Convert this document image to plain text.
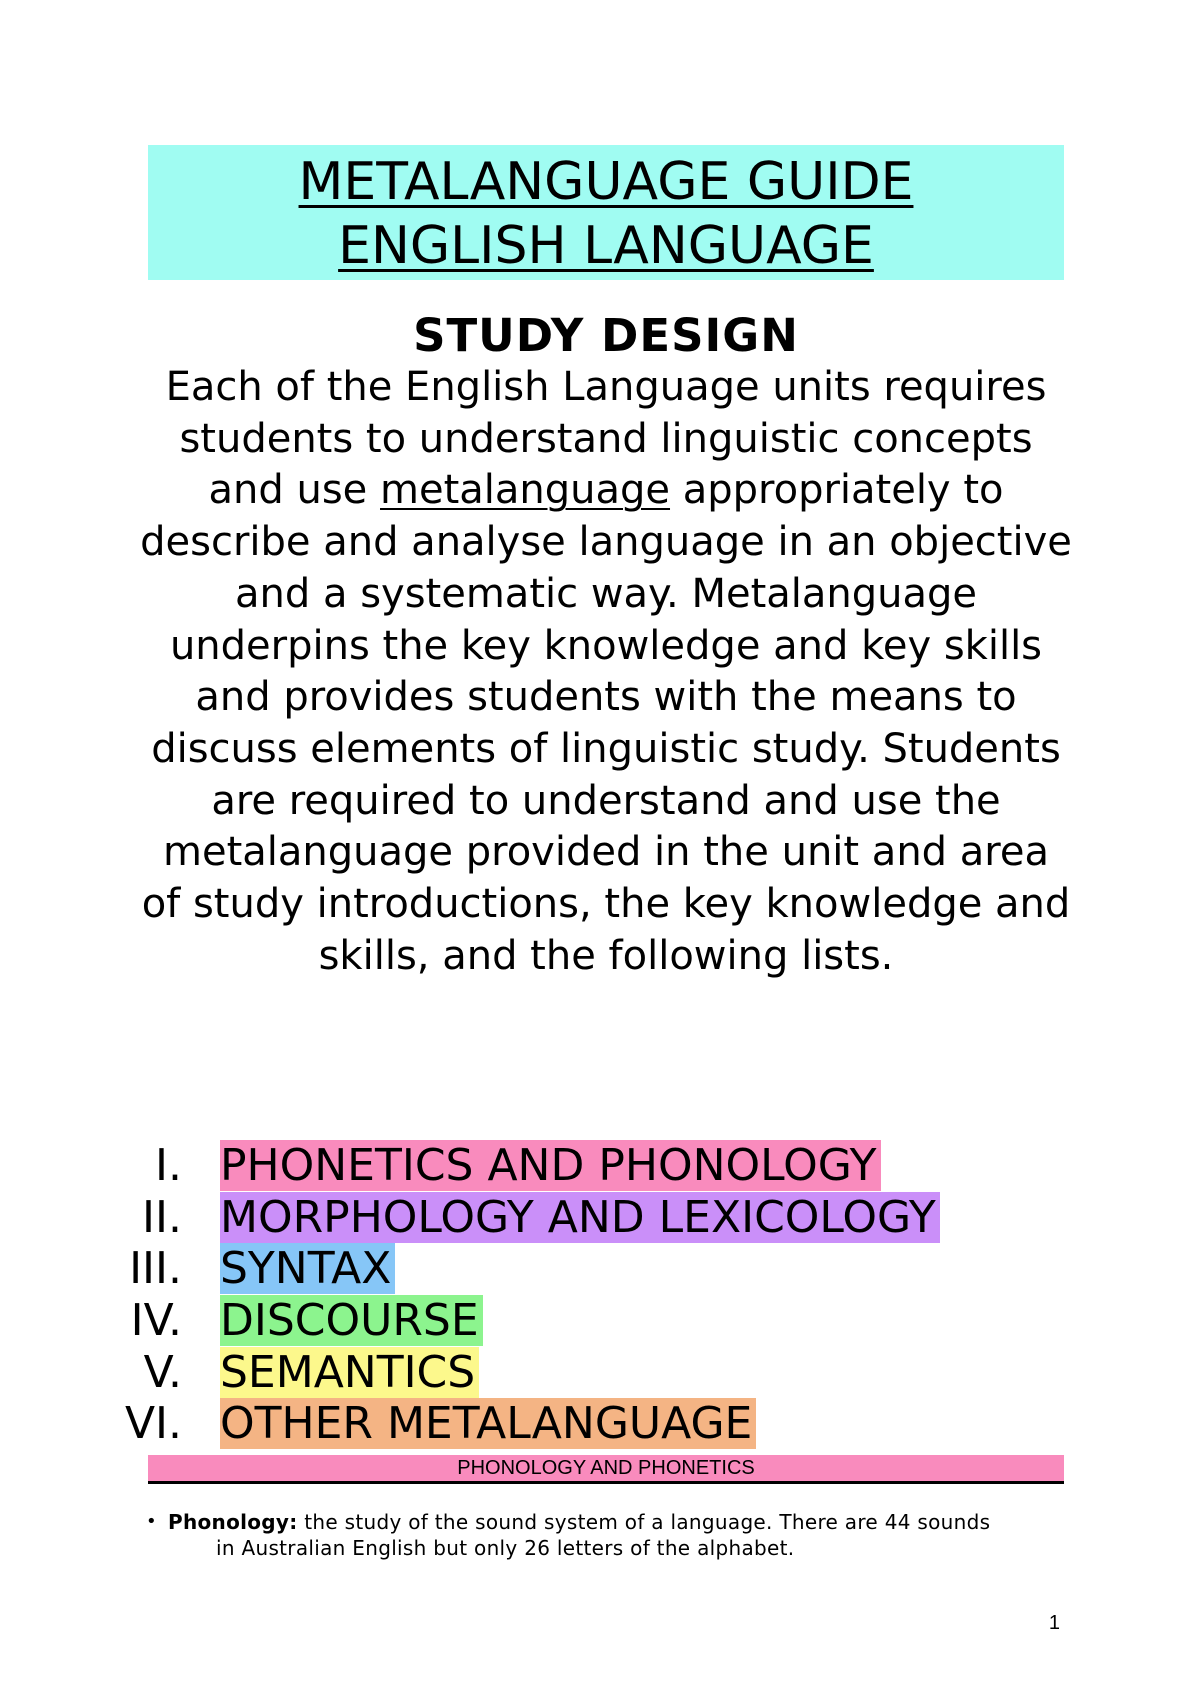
METALANGUAGE GUIDE
ENGLISH LANGUAGE
STUDY DESIGN
Each of the English Language units requires students to understand linguistic concepts and use metalanguage appropriately to describe and analyse language in an objective and a systematic way. Metalanguage underpins the key knowledge and key skills and provides students with the means to discuss elements of linguistic study. Students are required to understand and use the metalanguage provided in the unit and area of study introductions, the key knowledge and skills, and the following lists.
I. PHONETICS AND PHONOLOGY
II. MORPHOLOGY AND LEXICOLOGY
III. SYNTAX
IV. DISCOURSE
V. SEMANTICS
VI. OTHER METALANGUAGE
PHONOLOGY AND PHONETICS
• Phonology: the study of the sound system of a language. There are 44 sounds
in Australian English but only 26 letters of the alphabet.
1
